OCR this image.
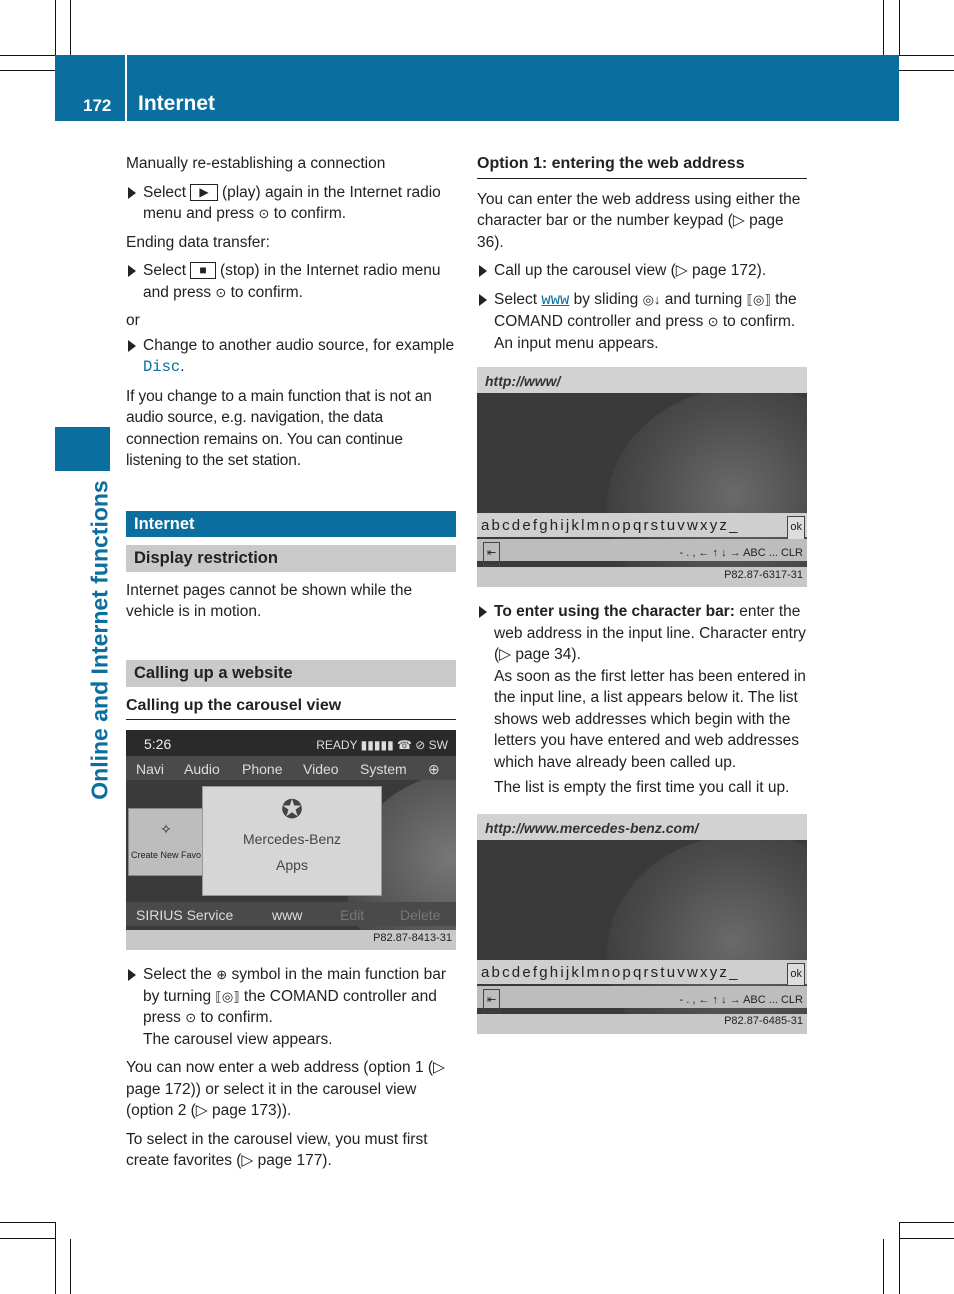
172 Internet
Online and Internet functions

Manually re-establishing a connection

Select ▶ (play) again in the Internet radio menu and press ⊙ to confirm.

Ending data transfer:

Select ■ (stop) in the Internet radio menu and press ⊙ to confirm.

or

Change to another audio source, for example Disc.

If you change to a main function that is not an audio source, e.g. navigation, the data connection remains on. You can continue listening to the set station.

Internet
Display restriction

Internet pages cannot be shown while the vehicle is in motion.

Calling up a website
Calling up the carousel view
5:26	READY ▮▮▮▮▮ ☎ ⊘ SW
Navi Audio Phone Video System ⊕
✧
Create New Favo
✪
Mercedes-Benz
Apps
SIRIUS Service	www	Edit	Delete
P82.87-8413-31
Select the ⊕ symbol in the main function bar by turning ⟦◎⟧ the COMAND controller and press ⊙ to confirm.
The carousel view appears.

You can now enter a web address (option 1 (▷ page 172)) or select it in the carousel view (option 2 (▷ page 173)).

To select in the carousel view, you must first create favorites (▷ page 177).

Option 1: entering the web address

You can enter the web address using either the character bar or the number keypad (▷ page 36).

Call up the carousel view (▷ page 172).
Select www by sliding ◎↓ and turning ⟦◎⟧ the COMAND controller and press ⊙ to confirm.
An input menu appears.
http://www/
abcdefghijklmnopqrstuvwxyz_	ok
⇤	- . , ← ↑ ↓ → ABC ... CLR
P82.87-6317-31
To enter using the character bar: enter the web address in the input line. Character entry (▷ page 34).
As soon as the first letter has been entered in the input line, a list appears below it. The list shows web addresses which begin with the letters you have entered and web addresses which have already been called up.
The list is empty the first time you call it up.
http://www.mercedes-benz.com/
abcdefghijklmnopqrstuvwxyz_	ok
⇤	- . , ← ↑ ↓ → ABC ... CLR
P82.87-6485-31
